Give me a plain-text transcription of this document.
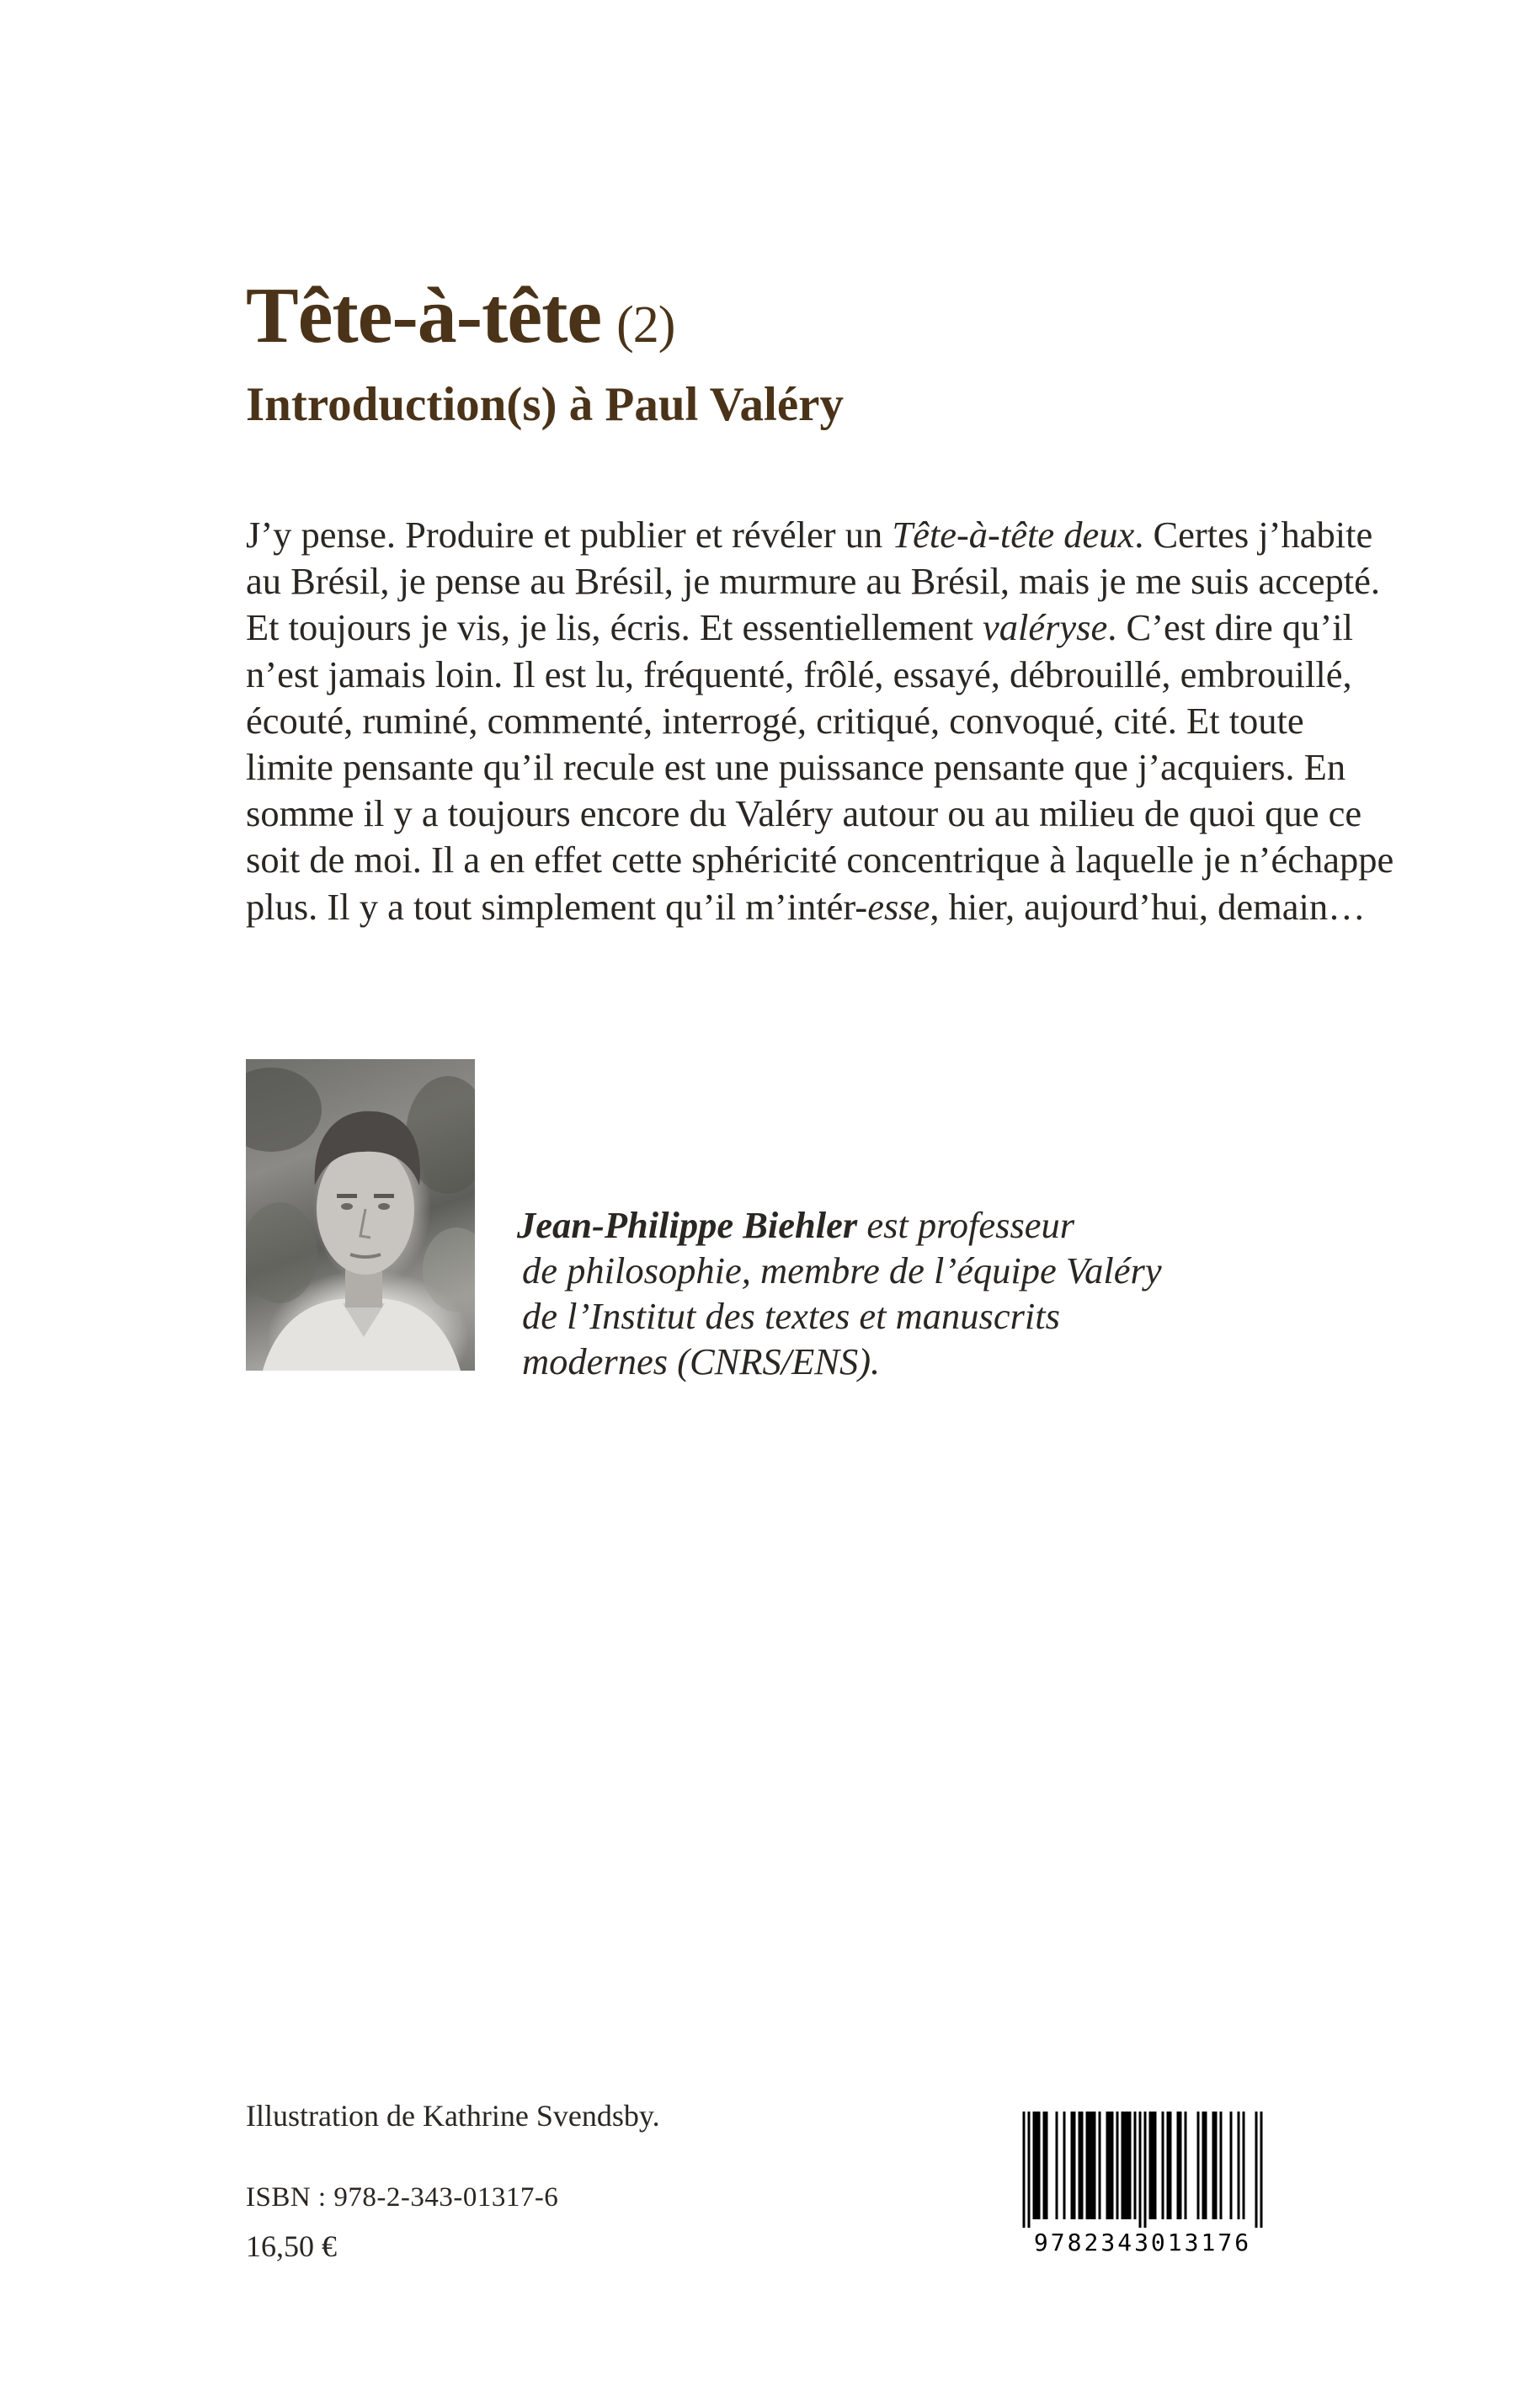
Tête-à-tête (2)
Introduction(s) à Paul Valéry

J’y pense. Produire et publier et révéler un Tête-à-tête deux. Certes j’habite
au Brésil, je pense au Brésil, je murmure au Brésil, mais je me suis accepté.
Et toujours je vis, je lis, écris. Et essentiellement valéryse. C’est dire qu’il
n’est jamais loin. Il est lu, fréquenté, frôlé, essayé, débrouillé, embrouillé,
écouté, ruminé, commenté, interrogé, critiqué, convoqué, cité. Et toute
limite pensante qu’il recule est une puissance pensante que j’acquiers. En
somme il y a toujours encore du Valéry autour ou au milieu de quoi que ce
soit de moi. Il a en effet cette sphéricité concentrique à laquelle je n’échappe
plus. Il y a tout simplement qu’il m’intér-esse, hier, aujourd’hui, demain…

Jean-Philippe Biehler est professeur
de philosophie, membre de l’équipe Valéry
de l’Institut des textes et manuscrits
modernes (CNRS/ENS).

Illustration de Kathrine Svendsby.

ISBN : 978-2-343-01317-6

16,50 €	9782343013176
